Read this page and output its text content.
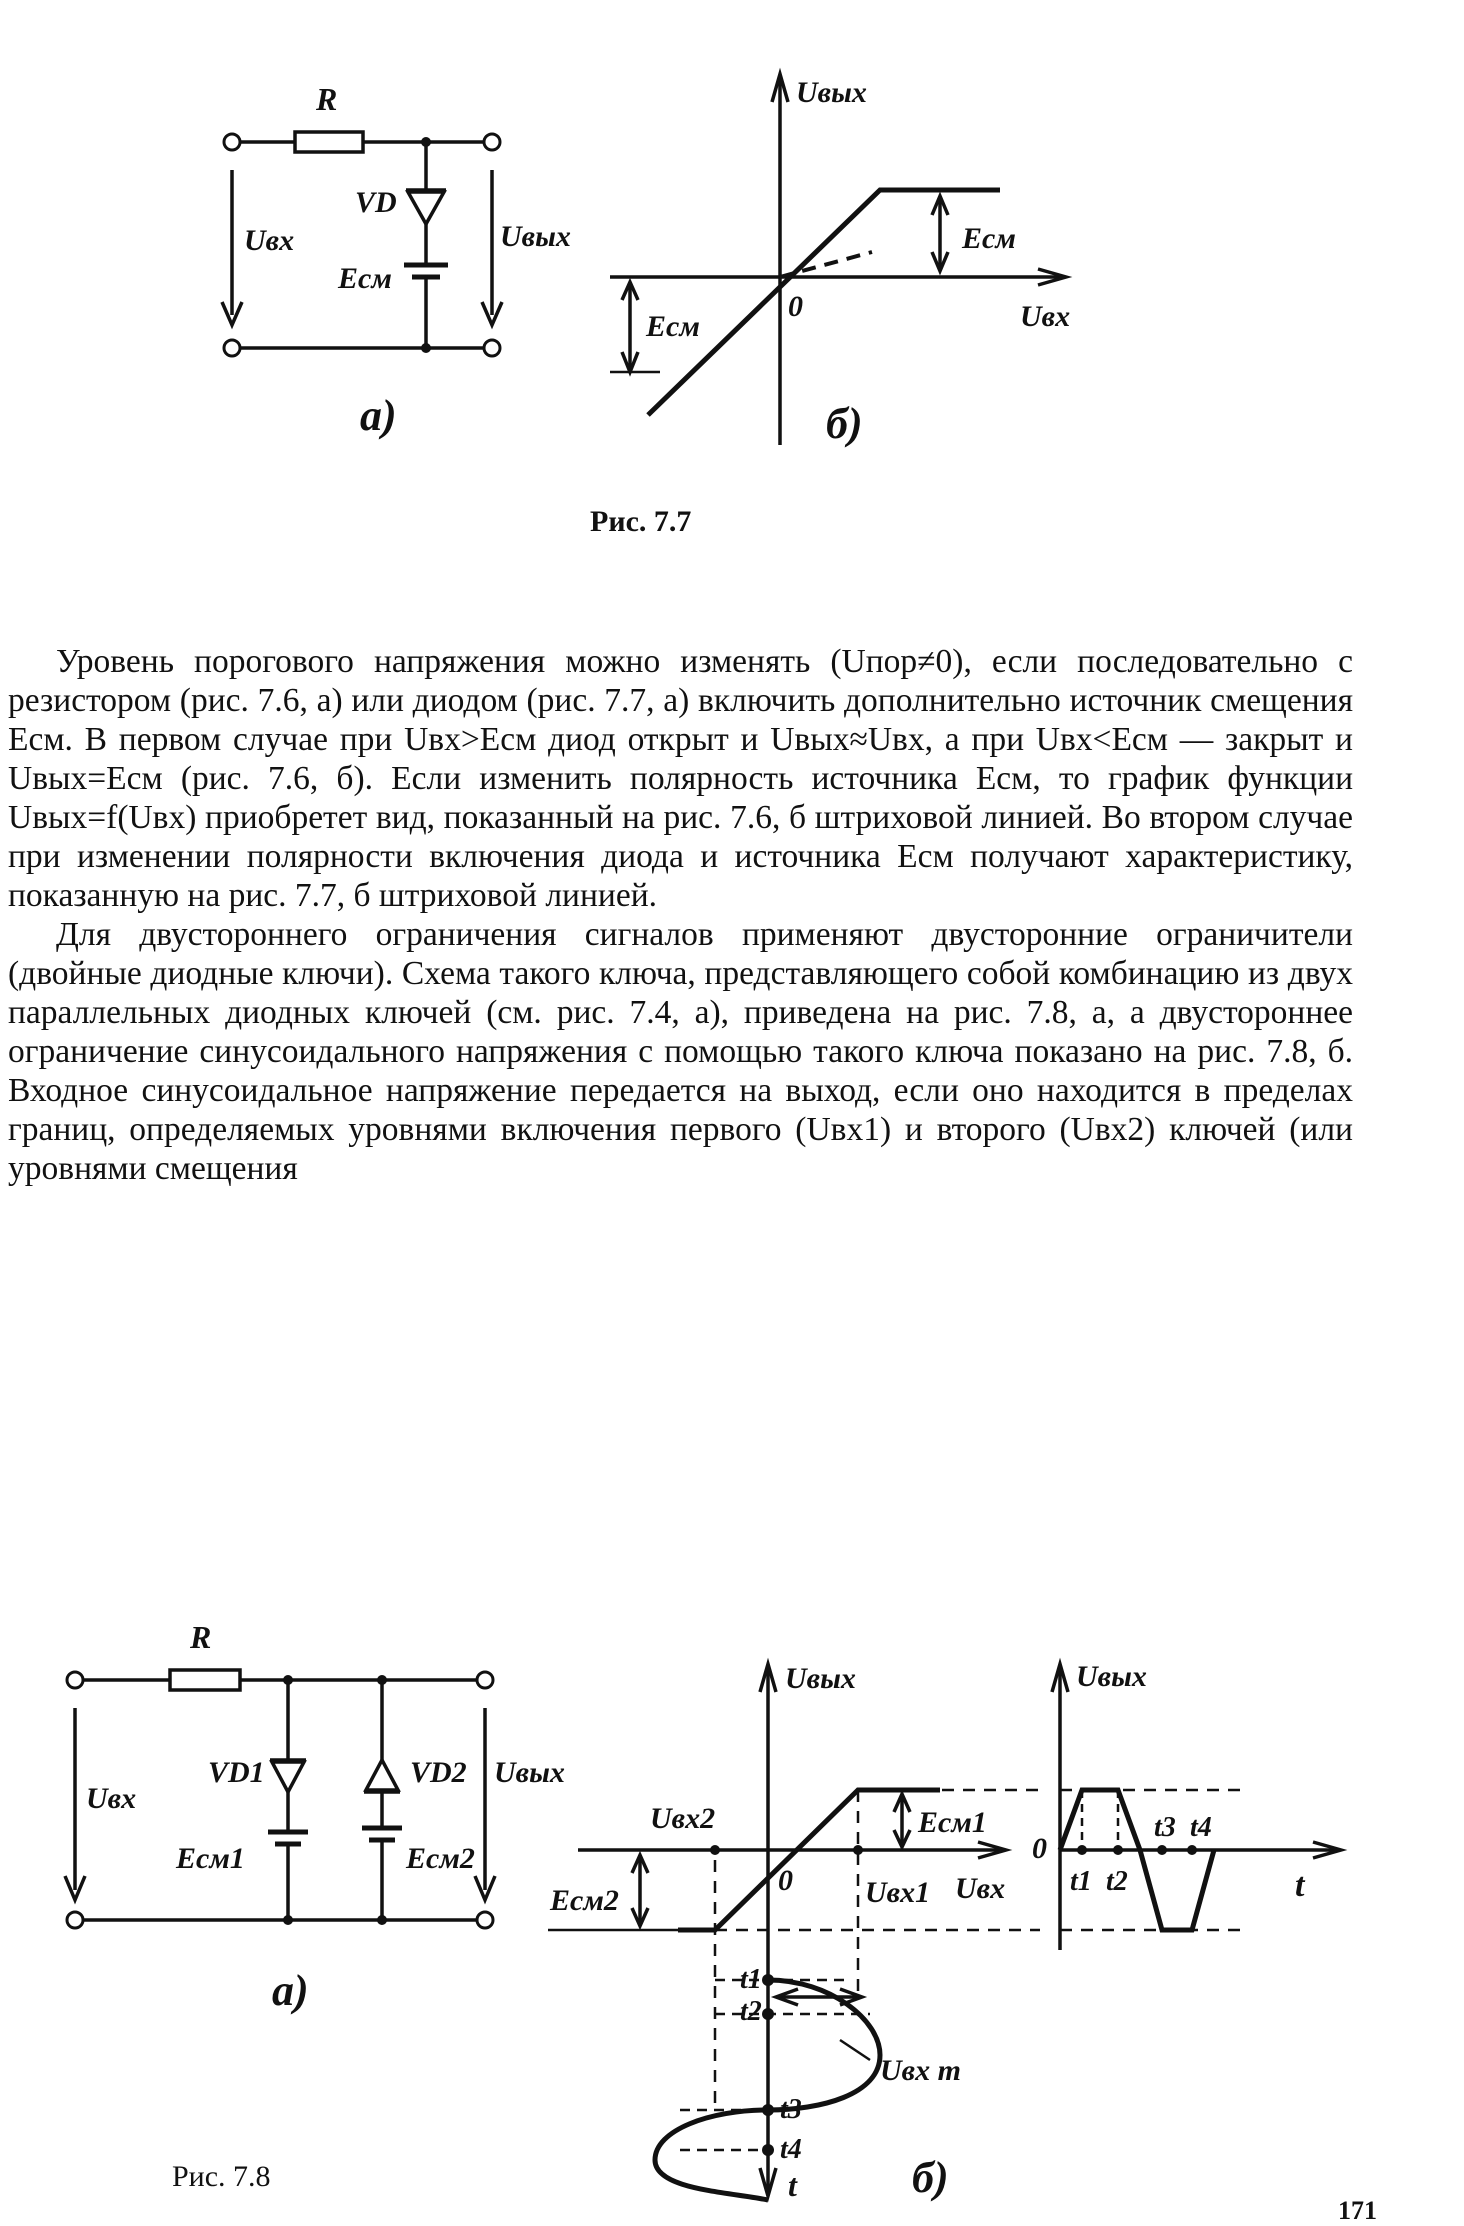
R
VD
Eсм
Uвх	Uвых
а)
Uвых
Uвх
0
Eсм
Eсм
б)
Рис. 7.7

Уровень порогового напряжения можно изменять (Uпор≠0), если последовательно с резистором (рис. 7.6, а) или диодом (рис. 7.7, а) включить дополнительно источник смещения Eсм. В первом случае при Uвх>Eсм диод открыт и Uвых≈Uвх, а при Uвх<Eсм — закрыт и Uвых=Eсм (рис. 7.6, б). Если изменить полярность источника Eсм, то график функции Uвых=f(Uвх) приобретет вид, показанный на рис. 7.6, б штриховой линией. Во втором случае при изменении полярности включения диода и источника Eсм получают характеристику, показанную на рис. 7.7, б штриховой линией.

Для двустороннего ограничения сигналов применяют двусторонние ограничители (двойные диодные ключи). Схема такого ключа, представляющего собой комбинацию из двух параллельных диодных ключей (см. рис. 7.4, а), приведена на рис. 7.8, а, а двустороннее ограничение синусоидального напряжения с помощью такого ключа показано на рис. 7.8, б. Входное синусоидальное напряжение передается на выход, если оно находится в пределах границ, определяемых уровнями включения первого (Uвх1) и второго (Uвх2) ключей (или уровнями смещения

R
VD1	VD2
Eсм1	Eсм2
Uвх
Uвых
а)
Uвых
Uвх
0
Uвх2
Uвх1
Eсм1
Eсм2
t1
t2
t3
t4
Uвх m
t	б)
Uвых
0
t
t1 t2
t3 t4
Рис. 7.8
171
